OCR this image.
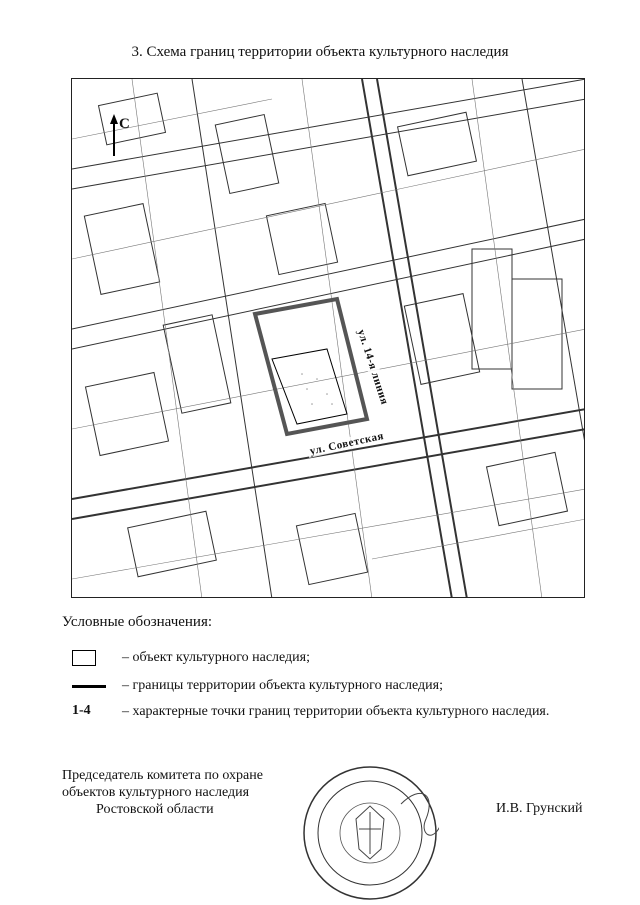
3. Схема границ территории объекта культурного наследия
С
ул. Советская
ул. 14-я линия
Условные обозначения:
– объект культурного наследия;
– границы территории объекта культурного наследия;
1-4 – характерные точки границ территории объекта культурного наследия.
Председатель комитета по охране
объектов культурного наследия
Ростовской области	И.В. Грунский
